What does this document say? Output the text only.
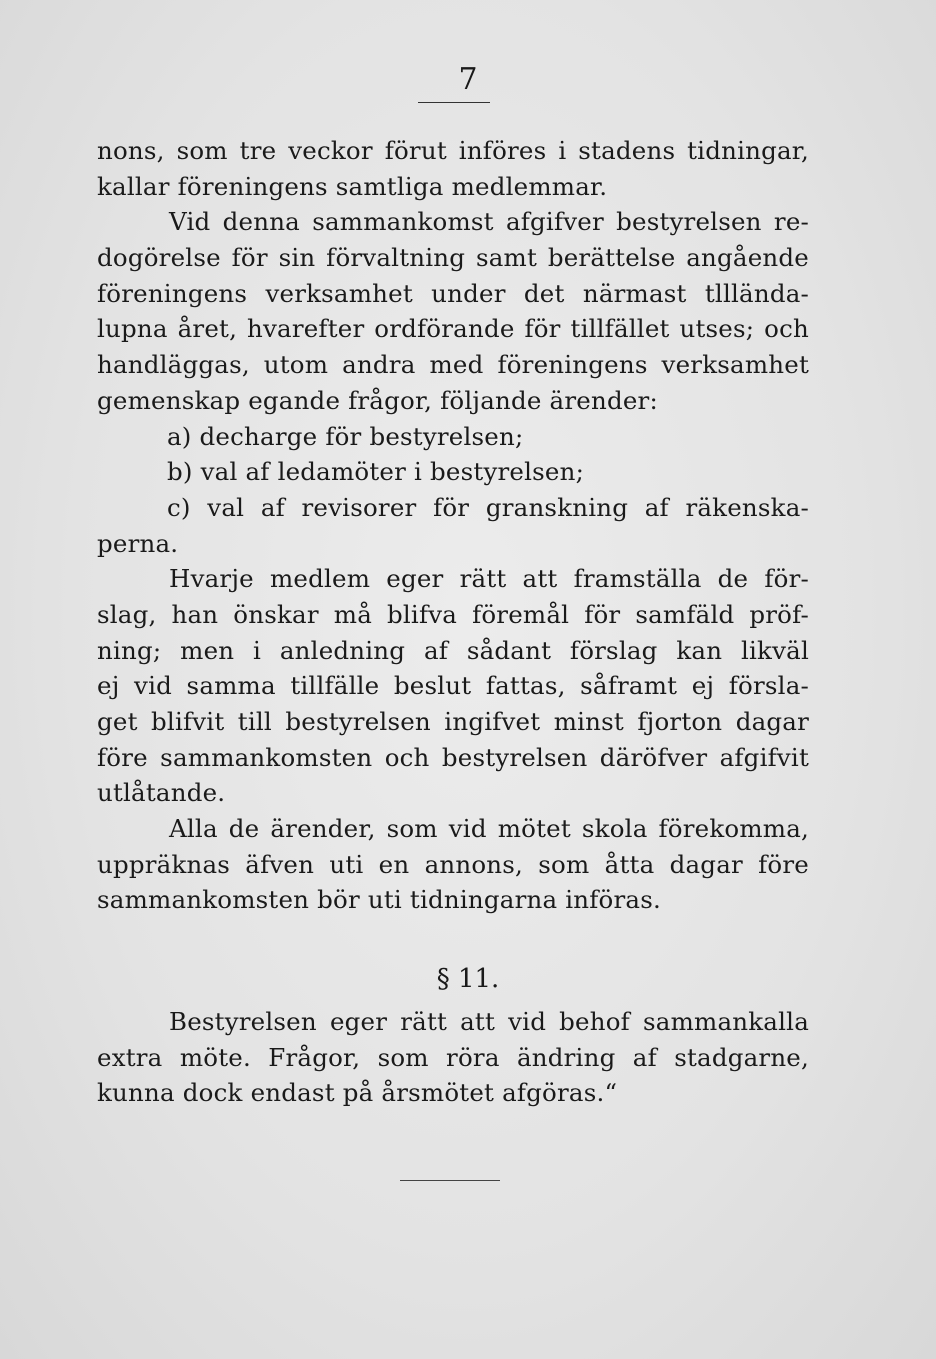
7
nons, som tre veckor förut införes i stadens tidningar,
kallar föreningens samtliga medlemmar.
Vid denna sammankomst afgifver bestyrelsen re-
dogörelse för sin förvaltning samt berättelse angående
föreningens verksamhet under det närmast tllländа-
lupna året, hvarefter ordförande för tillfället utses; och
handläggas, utom andra med föreningens verksamhet
gemenskap egande frågor, följande ärender:
a) decharge för bestyrelsen;
b) val af ledamöter i bestyrelsen;
c) val af revisorer för granskning af räkenska-
perna.
Hvarje medlem eger rätt att framställa de för-
slag, han önskar må blifva föremål för samfäld pröf-
ning; men i anledning af sådant förslag kan likväl
ej vid samma tillfälle beslut fattas, såframt ej försla-
get blifvit till bestyrelsen ingifvet minst fjorton dagar
före sammankomsten och bestyrelsen däröfver afgifvit
utlåtande.
Alla de ärender, som vid mötet skola förekomma,
uppräknas äfven uti en annons, som åtta dagar före
sammankomsten bör uti tidningarna införas.
§ 11.
Bestyrelsen eger rätt att vid behof sammankalla
extra möte. Frågor, som röra ändring af stadgarne,
kunna dock endast på årsmötet afgöras.“
